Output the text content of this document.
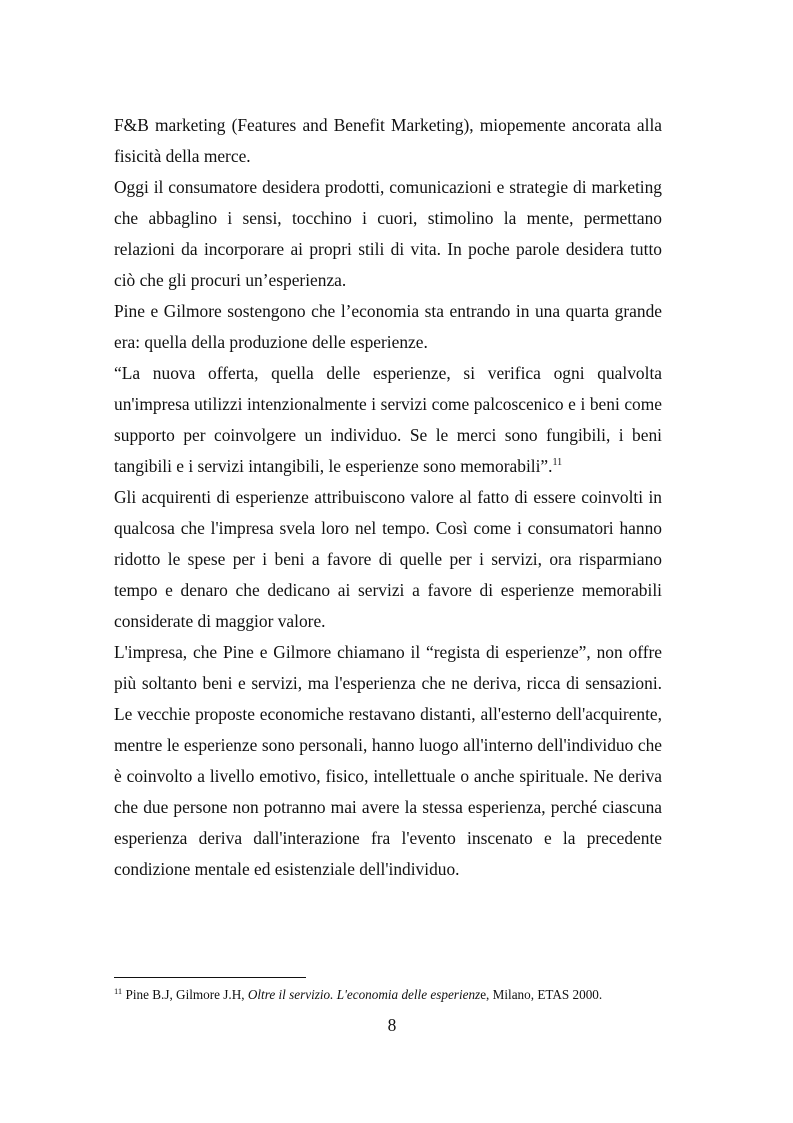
F&B marketing (Features and Benefit Marketing), miopemente ancorata alla fisicità della merce.

Oggi il consumatore desidera prodotti, comunicazioni e strategie di marketing che abbaglino i sensi, tocchino i cuori, stimolino la mente, permettano relazioni da incorporare ai propri stili di vita. In poche parole desidera tutto ciò che gli procuri un’esperienza.

Pine e Gilmore sostengono che l’economia sta entrando in una quarta grande era: quella della produzione delle esperienze.

“La nuova offerta, quella delle esperienze, si verifica ogni qualvolta un'impresa utilizzi intenzionalmente i servizi come palcoscenico e i beni come supporto per coinvolgere un individuo. Se le merci sono fungibili, i beni tangibili e i servizi intangibili, le esperienze sono memorabili”.$^{11}$

Gli acquirenti di esperienze attribuiscono valore al fatto di essere coinvolti in qualcosa che l'impresa svela loro nel tempo. Così come i consumatori hanno ridotto le spese per i beni a favore di quelle per i servizi, ora risparmiano tempo e denaro che dedicano ai servizi a favore di esperienze memorabili considerate di maggior valore.

L'impresa, che Pine e Gilmore chiamano il “regista di esperienze”, non offre più soltanto beni e servizi, ma l'esperienza che ne deriva, ricca di sensazioni. Le vecchie proposte economiche restavano distanti, all'esterno dell'acquirente, mentre le esperienze sono personali, hanno luogo all'interno dell'individuo che è coinvolto a livello emotivo, fisico, intellettuale o anche spirituale. Ne deriva che due persone non potranno mai avere la stessa esperienza, perché ciascuna esperienza deriva dall'interazione fra l'evento inscenato e la precedente condizione mentale ed esistenziale dell'individuo.

$^{11}$ Pine B.J, Gilmore J.H, Oltre il servizio. L'economia delle esperienze, Milano, ETAS 2000.
8
